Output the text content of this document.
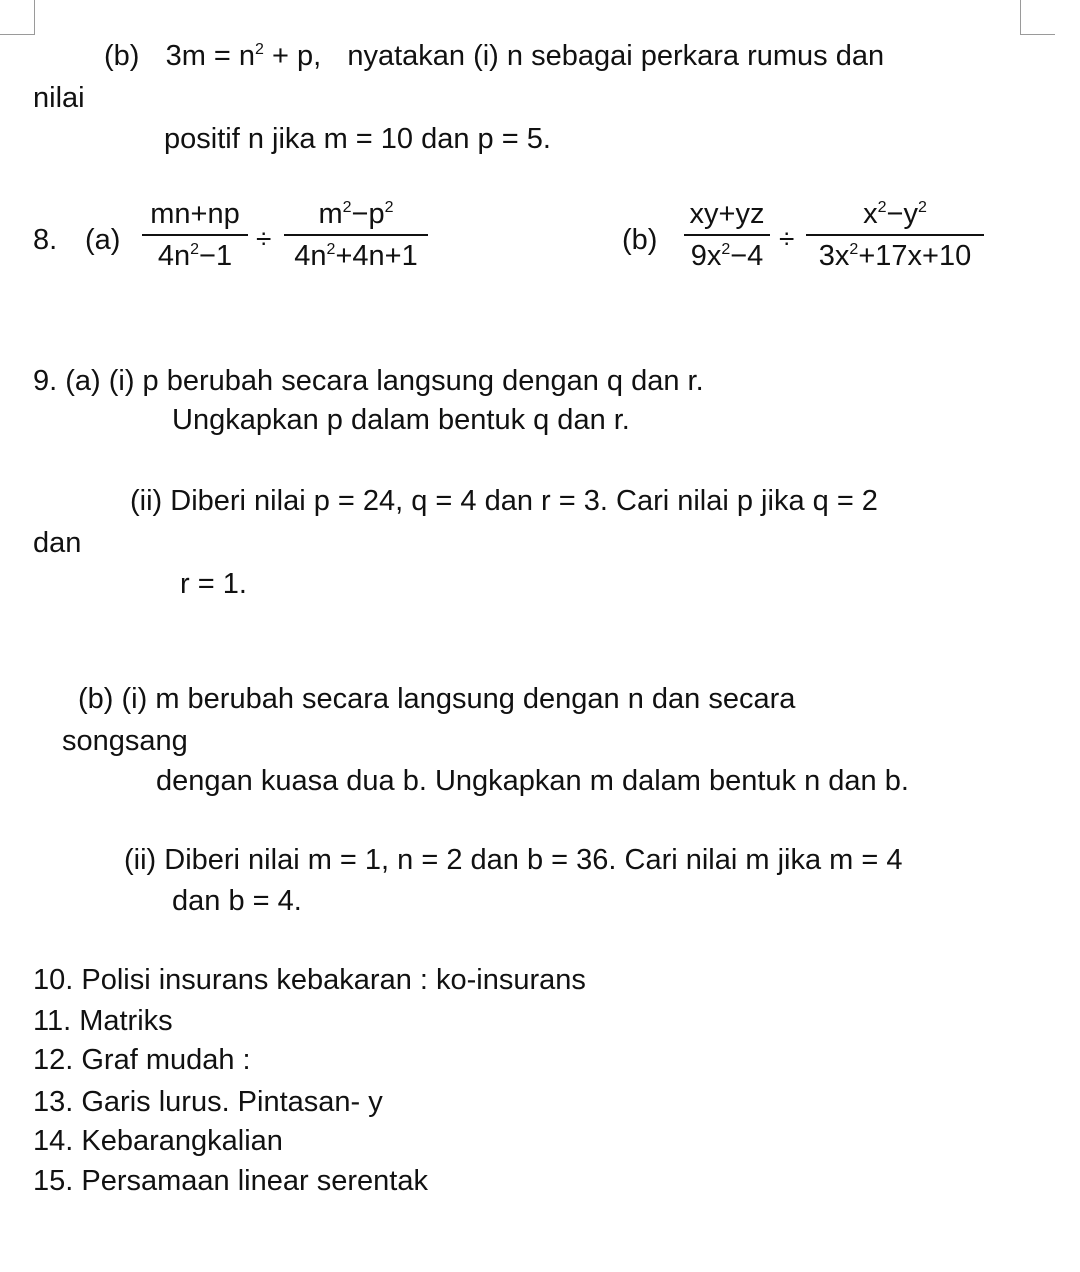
(b) $3m = n^2 + p$, nyatakan (i) n sebagai perkara rumus dan
nilai
positif n jika m = 10 dan p = 5.
8. (a)
mn+np
$4n^2-1$
÷
$m^2-p^2$
$4n^2+4n+1$	(b)
xy+yz
$9x^2-4$
÷
$x^2-y^2$
$3x^2+17x+10$
9. (a) (i) p berubah secara langsung dengan q dan r.
Ungkapkan p dalam bentuk q dan r.
(ii) Diberi nilai p = 24, q = 4 dan r = 3. Cari nilai p jika q = 2
dan
r = 1.
(b) (i) m berubah secara langsung dengan n dan secara
songsang
dengan kuasa dua b. Ungkapkan m dalam bentuk n dan b.
(ii) Diberi nilai m = 1, n = 2 dan b = 36. Cari nilai m jika m = 4
dan b = 4.
10. Polisi insurans kebakaran : ko-insurans
11. Matriks
12. Graf mudah :
13. Garis lurus. Pintasan- y
14. Kebarangkalian
15. Persamaan linear serentak
